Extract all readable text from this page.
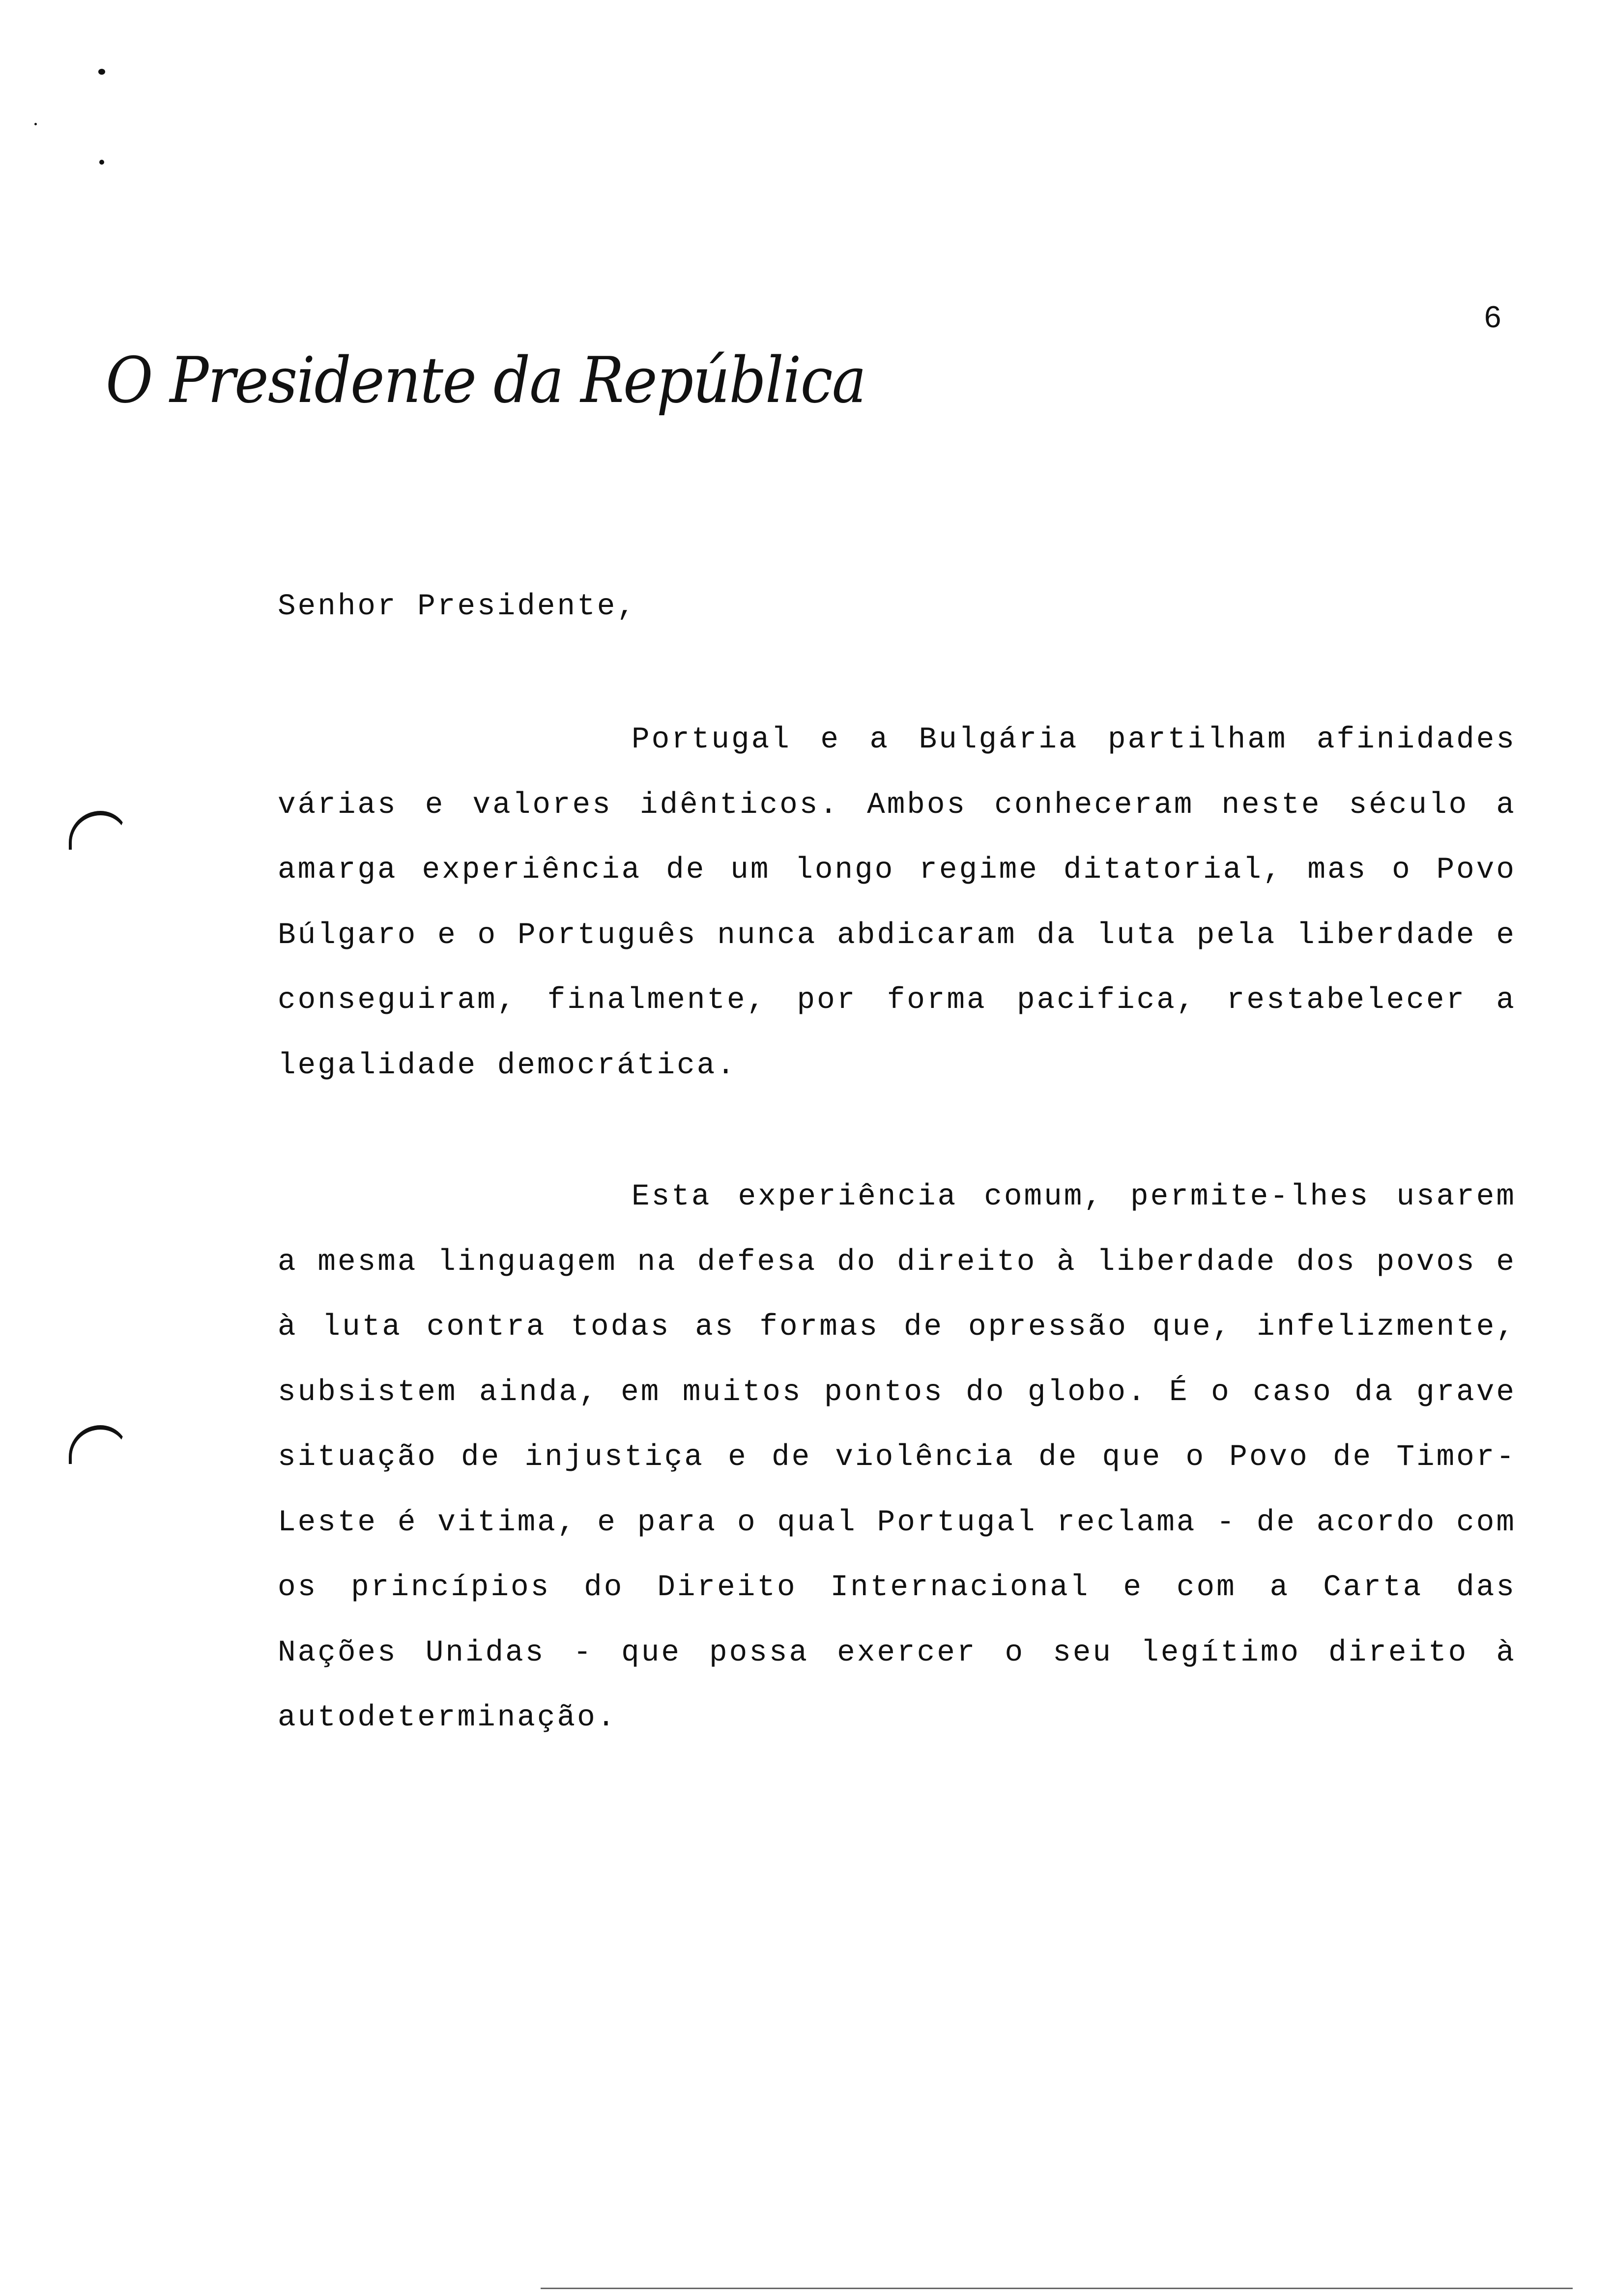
6
O Presidente da República
Senhor Presidente,

Portugal e a Bulgária partilham afinidades várias e valores idênticos. Ambos conheceram neste século a amarga experiência de um longo regime ditatorial, mas o Povo Búlgaro e o Português nunca abdicaram da luta pela liberdade e conseguiram, finalmente, por forma pacifica, restabelecer a legalidade democrática.

Esta experiência comum, permite-lhes usarem a mesma linguagem na defesa do direito à liberdade dos povos e à luta contra todas as formas de opressão que, infelizmente, subsistem ainda, em muitos pontos do globo. É o caso da grave situação de injustiça e de violência de que o Povo de Timor-Leste é vitima, e para o qual Portugal reclama - de acordo com os princípios do Direito Internacional e com a Carta das Nações Unidas - que possa exercer o seu legítimo direito à autodeterminação.
